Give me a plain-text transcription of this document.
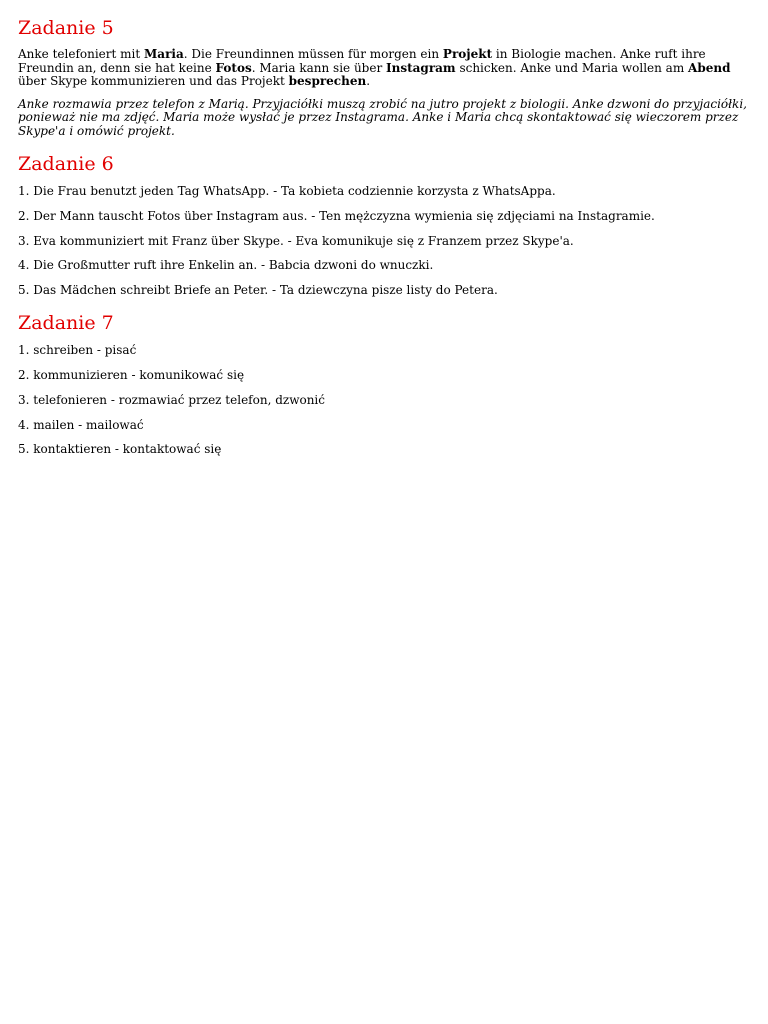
Zadanie 5

Anke telefoniert mit Maria. Die Freundinnen müssen für morgen ein Projekt in Biologie machen. Anke ruft ihre Freundin an, denn sie hat keine Fotos. Maria kann sie über Instagram schicken. Anke und Maria wollen am Abend über Skype kommunizieren und das Projekt besprechen.

Anke rozmawia przez telefon z Marią. Przyjaciółki muszą zrobić na jutro projekt z biologii. Anke dzwoni do przyjaciółki, ponieważ nie ma zdjęć. Maria może wysłać je przez Instagrama. Anke i Maria chcą skontaktować się wieczorem przez Skype'a i omówić projekt.

Zadanie 6

1. Die Frau benutzt jeden Tag WhatsApp. - Ta kobieta codziennie korzysta z WhatsAppa.

2. Der Mann tauscht Fotos über Instagram aus. - Ten mężczyzna wymienia się zdjęciami na Instagramie.

3. Eva kommuniziert mit Franz über Skype. - Eva komunikuje się z Franzem przez Skype'a.

4. Die Großmutter ruft ihre Enkelin an. - Babcia dzwoni do wnuczki.

5. Das Mädchen schreibt Briefe an Peter. - Ta dziewczyna pisze listy do Petera.

Zadanie 7

1. schreiben - pisać

2. kommunizieren - komunikować się

3. telefonieren - rozmawiać przez telefon, dzwonić

4. mailen - mailować

5. kontaktieren - kontaktować się
